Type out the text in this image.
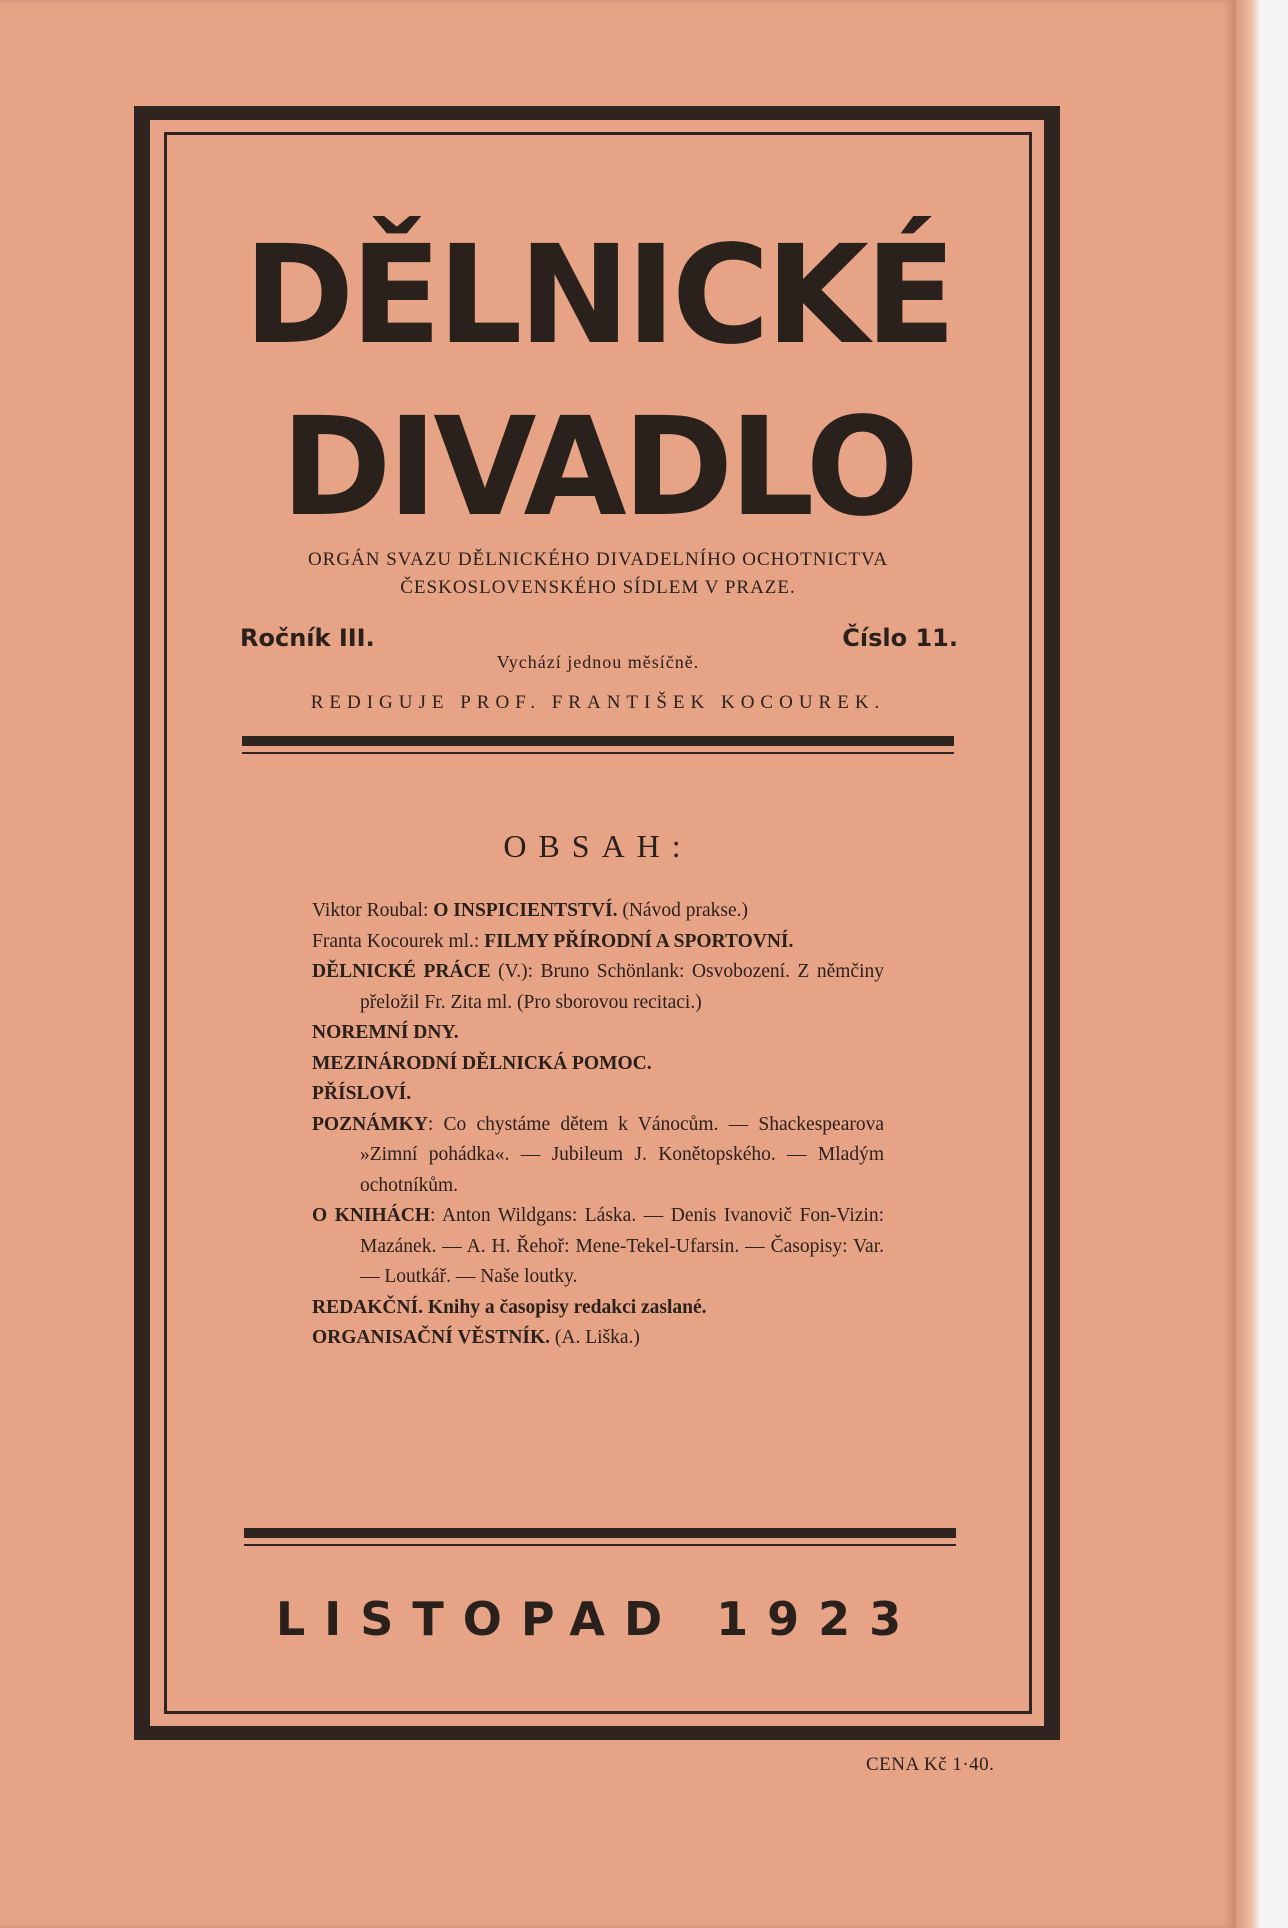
DĚLNICKÉ
DIVADLO
ORGÁN SVAZU DĚLNICKÉHO DIVADELNÍHO OCHOTNICTVA
ČESKOSLOVENSKÉHO SÍDLEM V PRAZE.
Ročník III.	Číslo 11.
Vychází jednou měsíčně.
REDIGUJE PROF. FRANTIŠEK KOCOUREK.
OBSAH:
Viktor Roubal: O INSPICIENTSTVÍ. (Návod prakse.)
Franta Kocourek ml.: FILMY PŘÍRODNÍ A SPORTOVNÍ.
DĚLNICKÉ PRÁCE (V.): Bruno Schönlank: Osvobození. Z němčiny přeložil Fr. Zita ml. (Pro sborovou recitaci.)
NOREMNÍ DNY.
MEZINÁRODNÍ DĚLNICKÁ POMOC.
PŘÍSLOVÍ.
POZNÁMKY: Co chystáme dětem k Vánocům. — Shackespearova »Zimní pohádka«. — Jubileum J. Konětopského. — Mladým ochotníkům.
O KNIHÁCH: Anton Wildgans: Láska. — Denis Ivanovič Fon-Vizin: Mazánek. — A. H. Řehoř: Mene-Tekel-Ufarsin. — Časopisy: Var. — Loutkář. — Naše loutky.
REDAKČNÍ. Knihy a časopisy redakci zaslané.
ORGANISAČNÍ VĚSTNÍK. (A. Liška.)
LISTOPAD 1923
CENA Kč 1·40.
